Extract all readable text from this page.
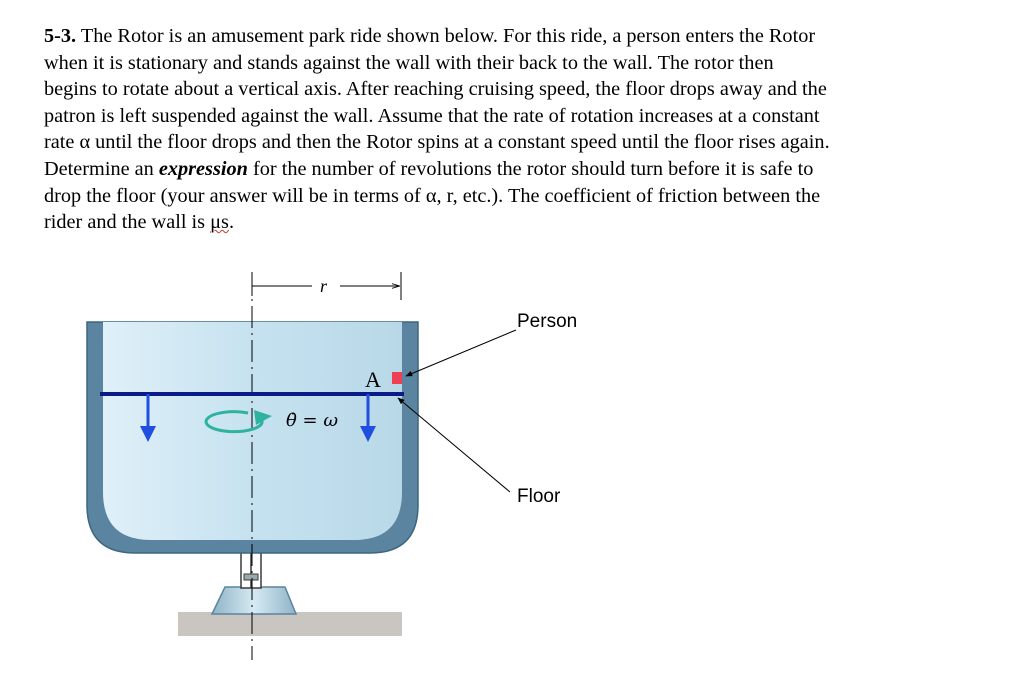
5-3. The Rotor is an amusement park ride shown below. For this ride, a person enters the Rotor
when it is stationary and stands against the wall with their back to the wall. The rotor then
begins to rotate about a vertical axis. After reaching cruising speed, the floor drops away and the
patron is left suspended against the wall. Assume that the rate of rotation increases at a constant
rate α until the floor drops and then the Rotor spins at a constant speed until the floor rises again.
Determine an expression for the number of revolutions the rotor should turn before it is safe to
drop the floor (your answer will be in terms of α, r, etc.). The coefficient of friction between the
rider and the wall is μs.
r
θ̇ = ω
A
Person
Floor
